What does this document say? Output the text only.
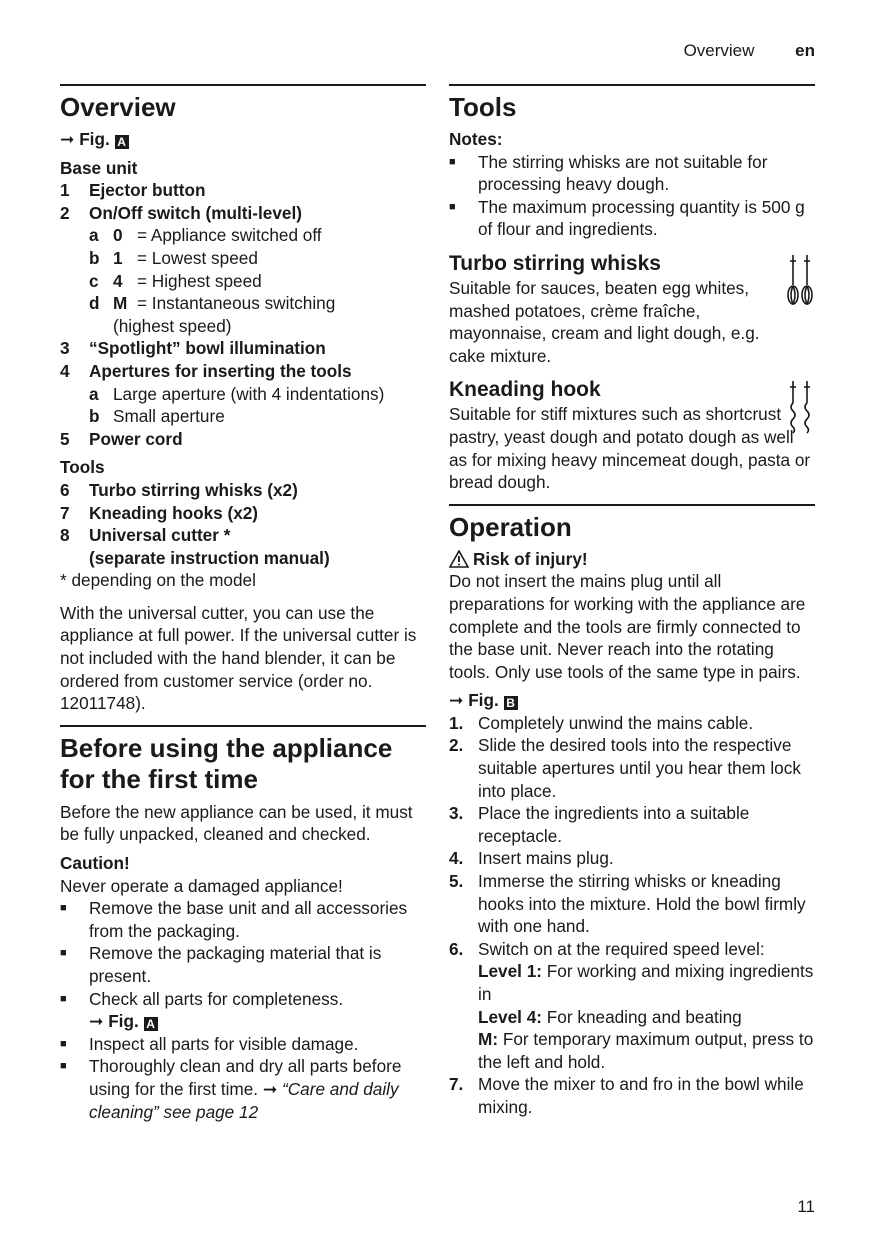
Overview en
Overview

➞ Fig. A

Base unit

1	Ejector button
2	On/Off switch (multi-level)
a 0 = Appliance switched off
b 1 = Lowest speed
c 4 = Highest speed
d M = Instantaneous switching
(highest speed)
3	“Spotlight” bowl illumination
4	Apertures for inserting the tools
a Large aperture (with 4 indentations)
b Small aperture
5	Power cord

Tools

6	Turbo stirring whisks (x2)
7	Kneading hooks (x2)
8	Universal cutter *
(separate instruction manual)

* depending on the model

With the universal cutter, you can use the appliance at full power. If the universal cutter is not included with the hand blender, it can be ordered from customer service (order no. 12011748).

Before using the appliance for the first time

Before the new appliance can be used, it must be fully unpacked, cleaned and checked.

Caution!

Never operate a damaged appliance!

■	Remove the base unit and all accessories from the packaging.
■	Remove the packaging material that is present.
■	Check all parts for completeness.

➞ Fig. A

■	Inspect all parts for visible damage.
■	Thoroughly clean and dry all parts before using for the first time. ➞ “Care and daily cleaning” see page 12
Tools

Notes:

■	The stirring whisks are not suitable for processing heavy dough.
■	The maximum processing quantity is 500 g of flour and ingredients.
Turbo stirring whisks

Suitable for sauces, beaten egg whites, mashed potatoes, crème fraîche, mayonnaise, cream and light dough, e.g. cake mixture.

Kneading hook

Suitable for stiff mixtures such as shortcrust pastry, yeast dough and potato dough as well as for mixing heavy mincemeat dough, pasta or bread dough.

Operation

Risk of injury!

Do not insert the mains plug until all preparations for working with the appliance are complete and the tools are firmly connected to the base unit. Never reach into the rotating tools. Only use tools of the same type in pairs.

➞ Fig. B

1. Completely unwind the mains cable.
2. Slide the desired tools into the respective suitable apertures until you hear them lock into place.
3. Place the ingredients into a suitable receptacle.
4. Insert mains plug.
5. Immerse the stirring whisks or kneading hooks into the mixture. Hold the bowl firmly with one hand.
6. Switch on at the required speed level:
Level 1: For working and mixing ingredients in
Level 4: For kneading and beating
M: For temporary maximum output, press to the left and hold.
7. Move the mixer to and fro in the bowl while mixing.
11
